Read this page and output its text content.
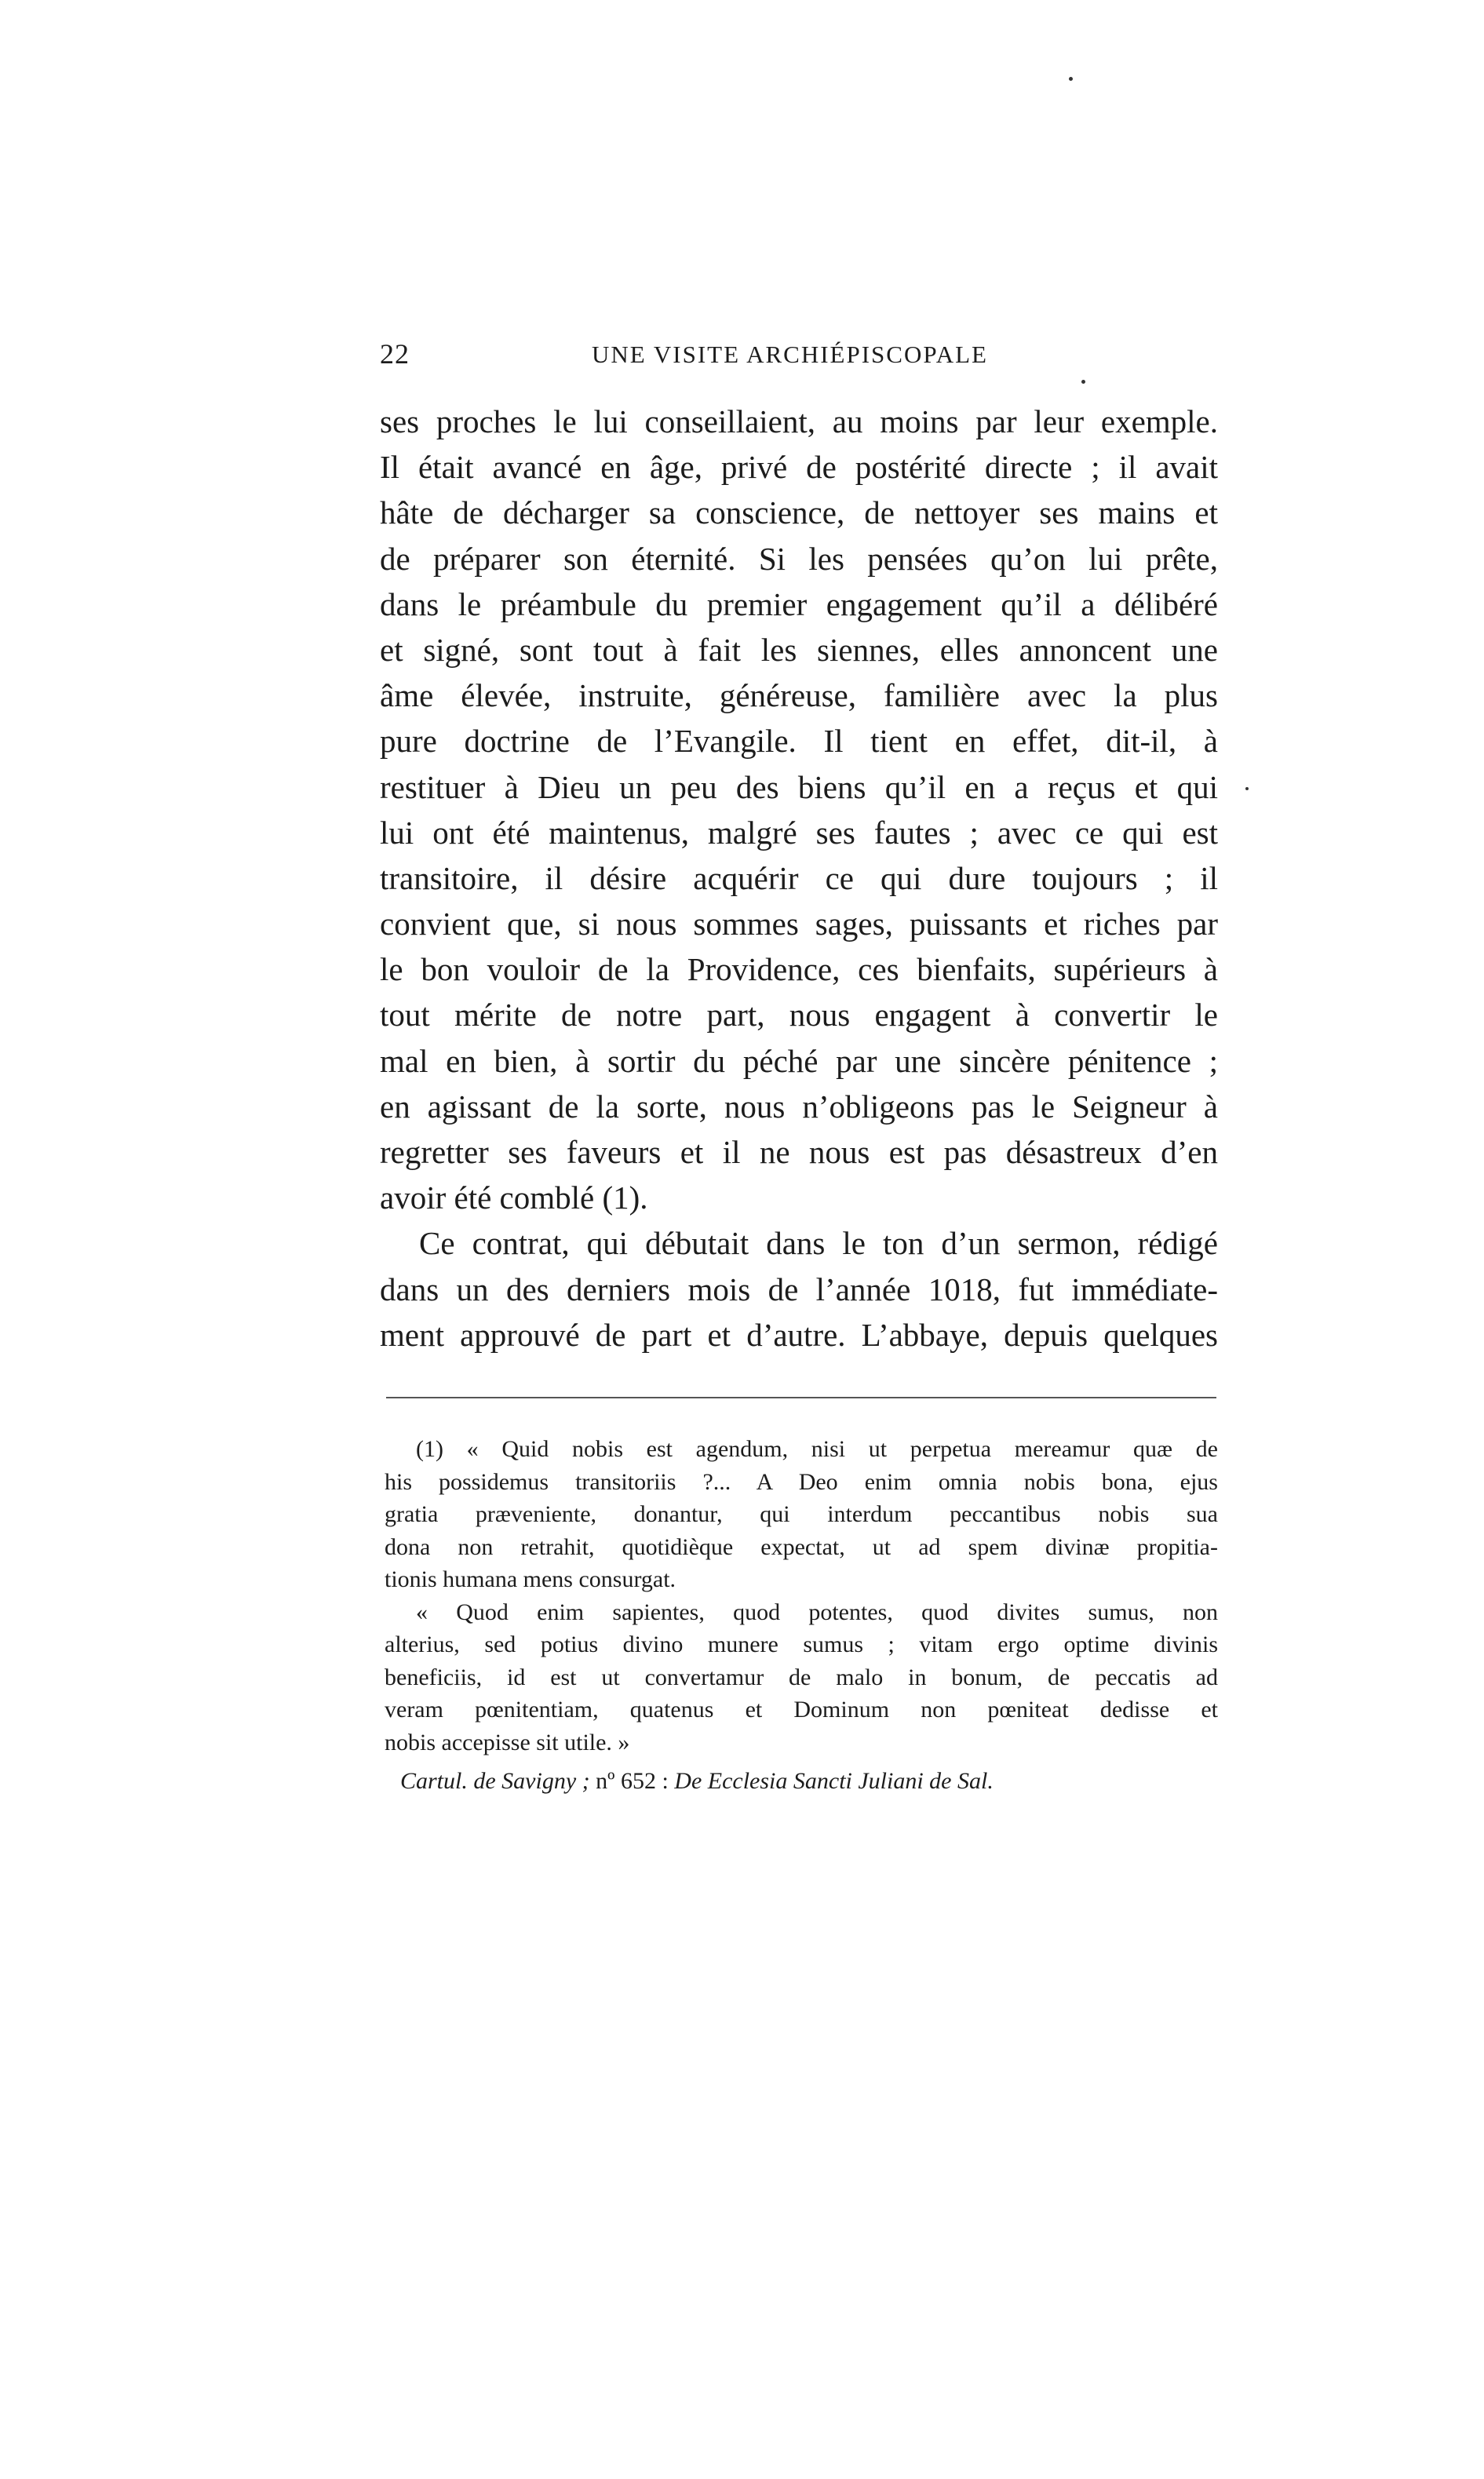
22	UNE VISITE ARCHIÉPISCOPALE
ses proches le lui conseillaient, au moins par leur exemple.
Il était avancé en âge, privé de postérité directe ; il avait
hâte de décharger sa conscience, de nettoyer ses mains et
de préparer son éternité. Si les pensées qu’on lui prête,
dans le préambule du premier engagement qu’il a délibéré
et signé, sont tout à fait les siennes, elles annoncent une
âme élevée, instruite, généreuse, familière avec la plus
pure doctrine de l’Evangile. Il tient en effet, dit-il, à
restituer à Dieu un peu des biens qu’il en a reçus et qui
lui ont été maintenus, malgré ses fautes ; avec ce qui est
transitoire, il désire acquérir ce qui dure toujours ; il
convient que, si nous sommes sages, puissants et riches par
le bon vouloir de la Providence, ces bienfaits, supérieurs à
tout mérite de notre part, nous engagent à convertir le
mal en bien, à sortir du péché par une sincère pénitence ;
en agissant de la sorte, nous n’obligeons pas le Seigneur à
regretter ses faveurs et il ne nous est pas désastreux d’en
avoir été comblé (1).
Ce contrat, qui débutait dans le ton d’un sermon, rédigé
dans un des derniers mois de l’année 1018, fut immédiate-
ment approuvé de part et d’autre. L’abbaye, depuis quelques
(1) « Quid nobis est agendum, nisi ut perpetua mereamur quæ de
his possidemus transitoriis ?... A Deo enim omnia nobis bona, ejus
gratia præveniente, donantur, qui interdum peccantibus nobis sua
dona non retrahit, quotidièque expectat, ut ad spem divinæ propitia-
tionis humana mens consurgat.
« Quod enim sapientes, quod potentes, quod divites sumus, non
alterius, sed potius divino munere sumus ; vitam ergo optime divinis
beneficiis, id est ut convertamur de malo in bonum, de peccatis ad
veram pœnitentiam, quatenus et Dominum non pœniteat dedisse et
nobis accepisse sit utile. »
Cartul. de Savigny ; nº 652 : De Ecclesia Sancti Juliani de Sal.
